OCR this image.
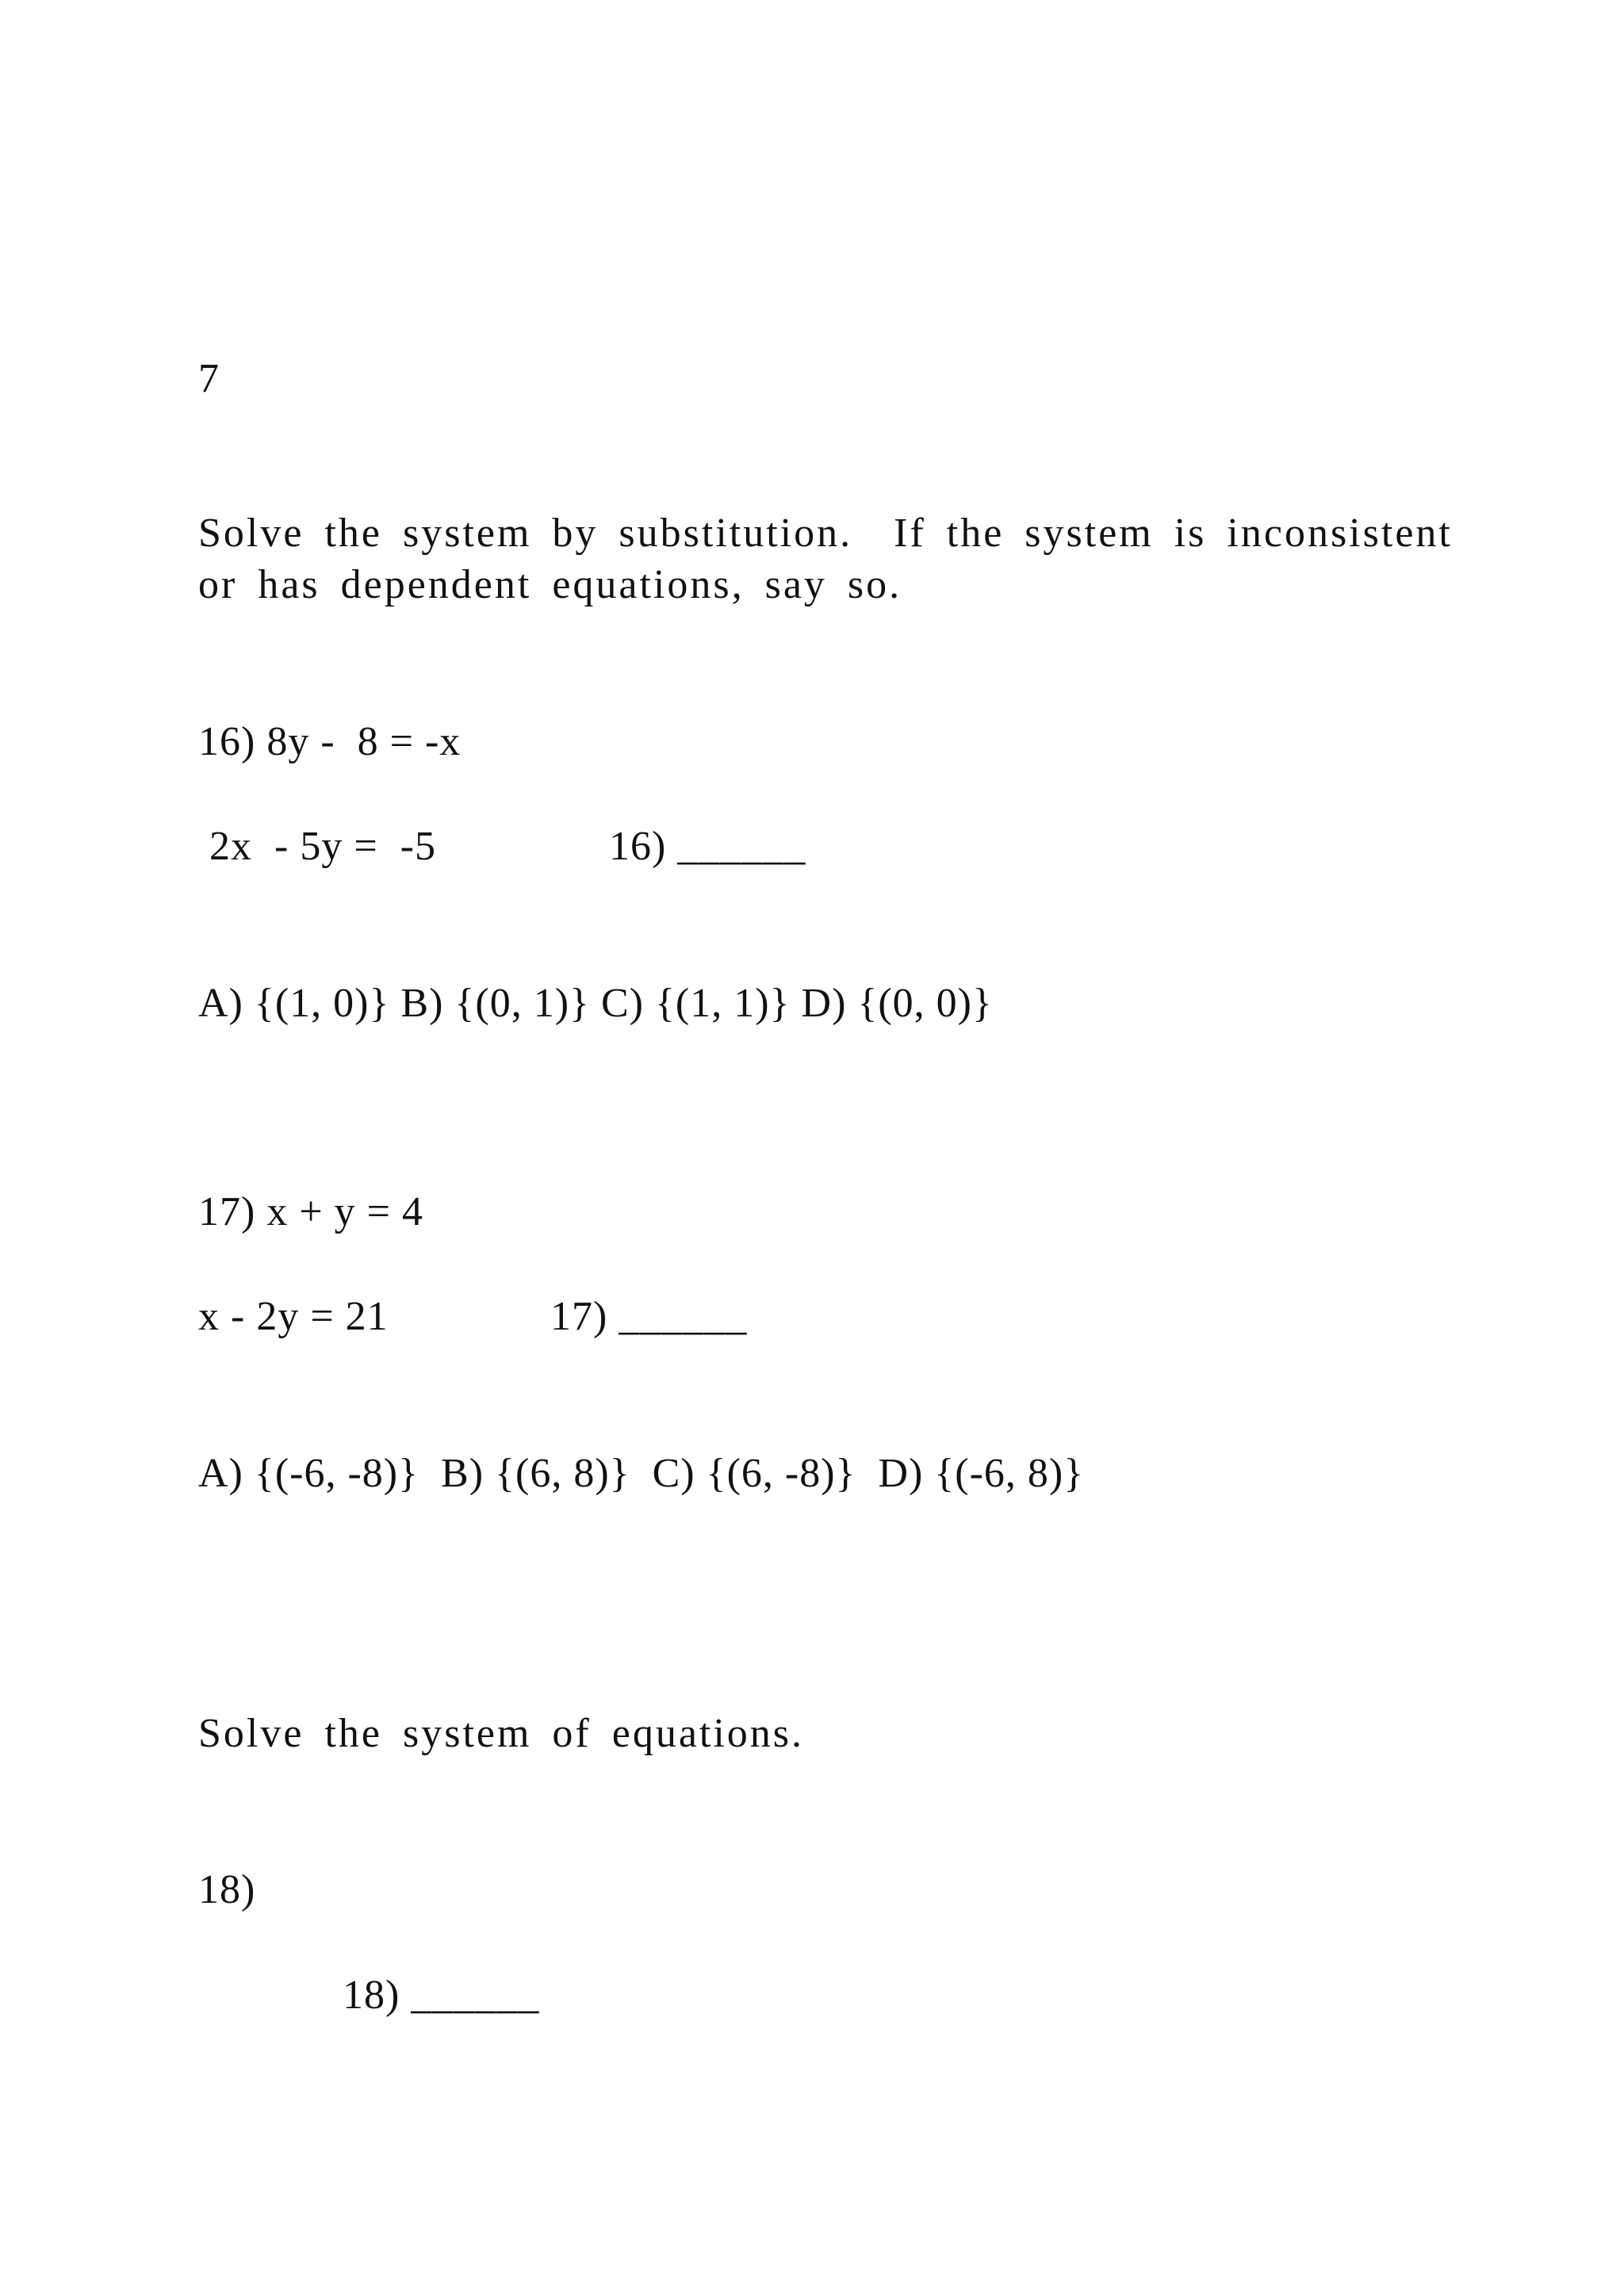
7
Solve the system by substitution.  If the system is inconsistent
or has dependent equations, say so.
16) 8y -  8 = -x
2x  - 5y =  -5	16) ______
A) {(1, 0)} B) {(0, 1)} C) {(1, 1)} D) {(0, 0)}
17) x + y = 4
x - 2y = 21	17) ______
A) {(-6, -8)}  B) {(6, 8)}  C) {(6, -8)}  D) {(-6, 8)}
Solve the system of equations.
18)
18) ______
